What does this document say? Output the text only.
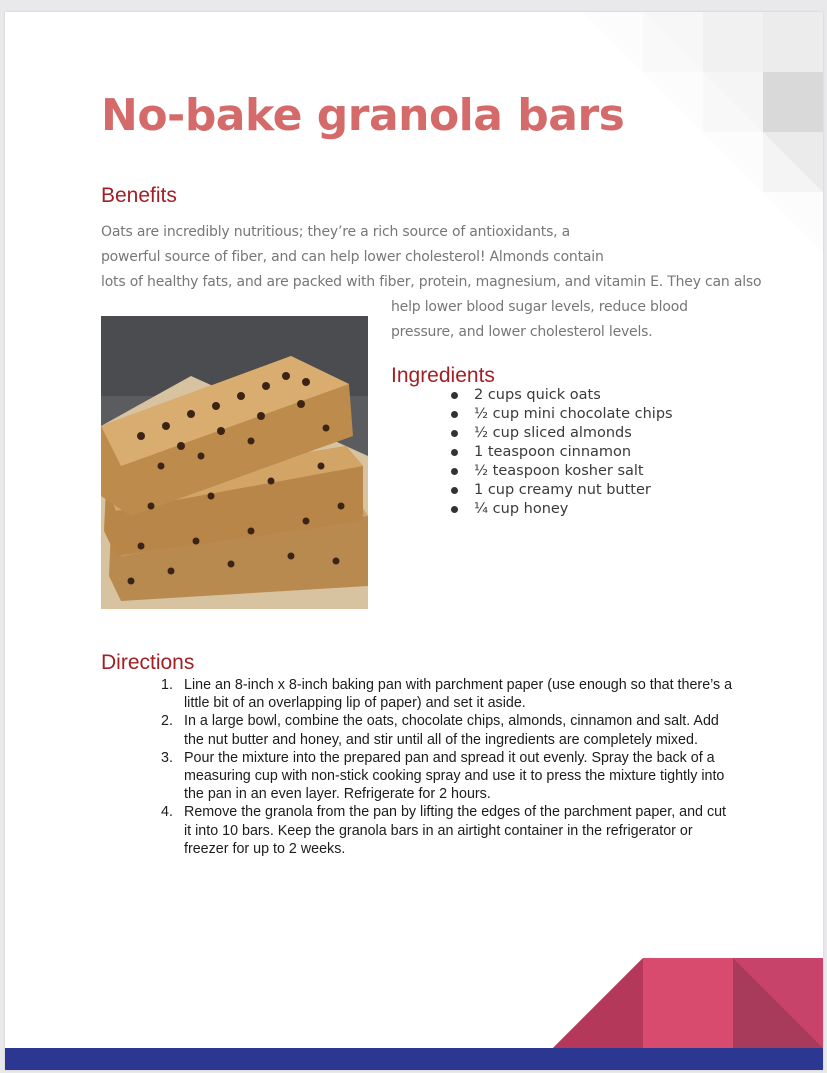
No-bake granola bars
Benefits
Oats are incredibly nutritious; they’re a rich source of antioxidants, a
powerful source of fiber, and can help lower cholesterol! Almonds contain
lots of healthy fats, and are packed with fiber, protein, magnesium, and vitamin E. They can also
help lower blood sugar levels, reduce blood
pressure, and lower cholesterol levels.
Ingredients
2 cups quick oats
½ cup mini chocolate chips
½ cup sliced almonds
1 teaspoon cinnamon
½ teaspoon kosher salt
1 cup creamy nut butter
¼ cup honey
Directions
1. Line an 8-inch x 8-inch baking pan with parchment paper (use enough so that there’s a little bit of an overlapping lip of paper) and set it aside.
2. In a large bowl, combine the oats, chocolate chips, almonds, cinnamon and salt. Add the nut butter and honey, and stir until all of the ingredients are completely mixed.
3. Pour the mixture into the prepared pan and spread it out evenly. Spray the back of a measuring cup with non-stick cooking spray and use it to press the mixture tightly into the pan in an even layer. Refrigerate for 2 hours.
4. Remove the granola from the pan by lifting the edges of the parchment paper, and cut it into 10 bars. Keep the granola bars in an airtight container in the refrigerator or freezer for up to 2 weeks.
